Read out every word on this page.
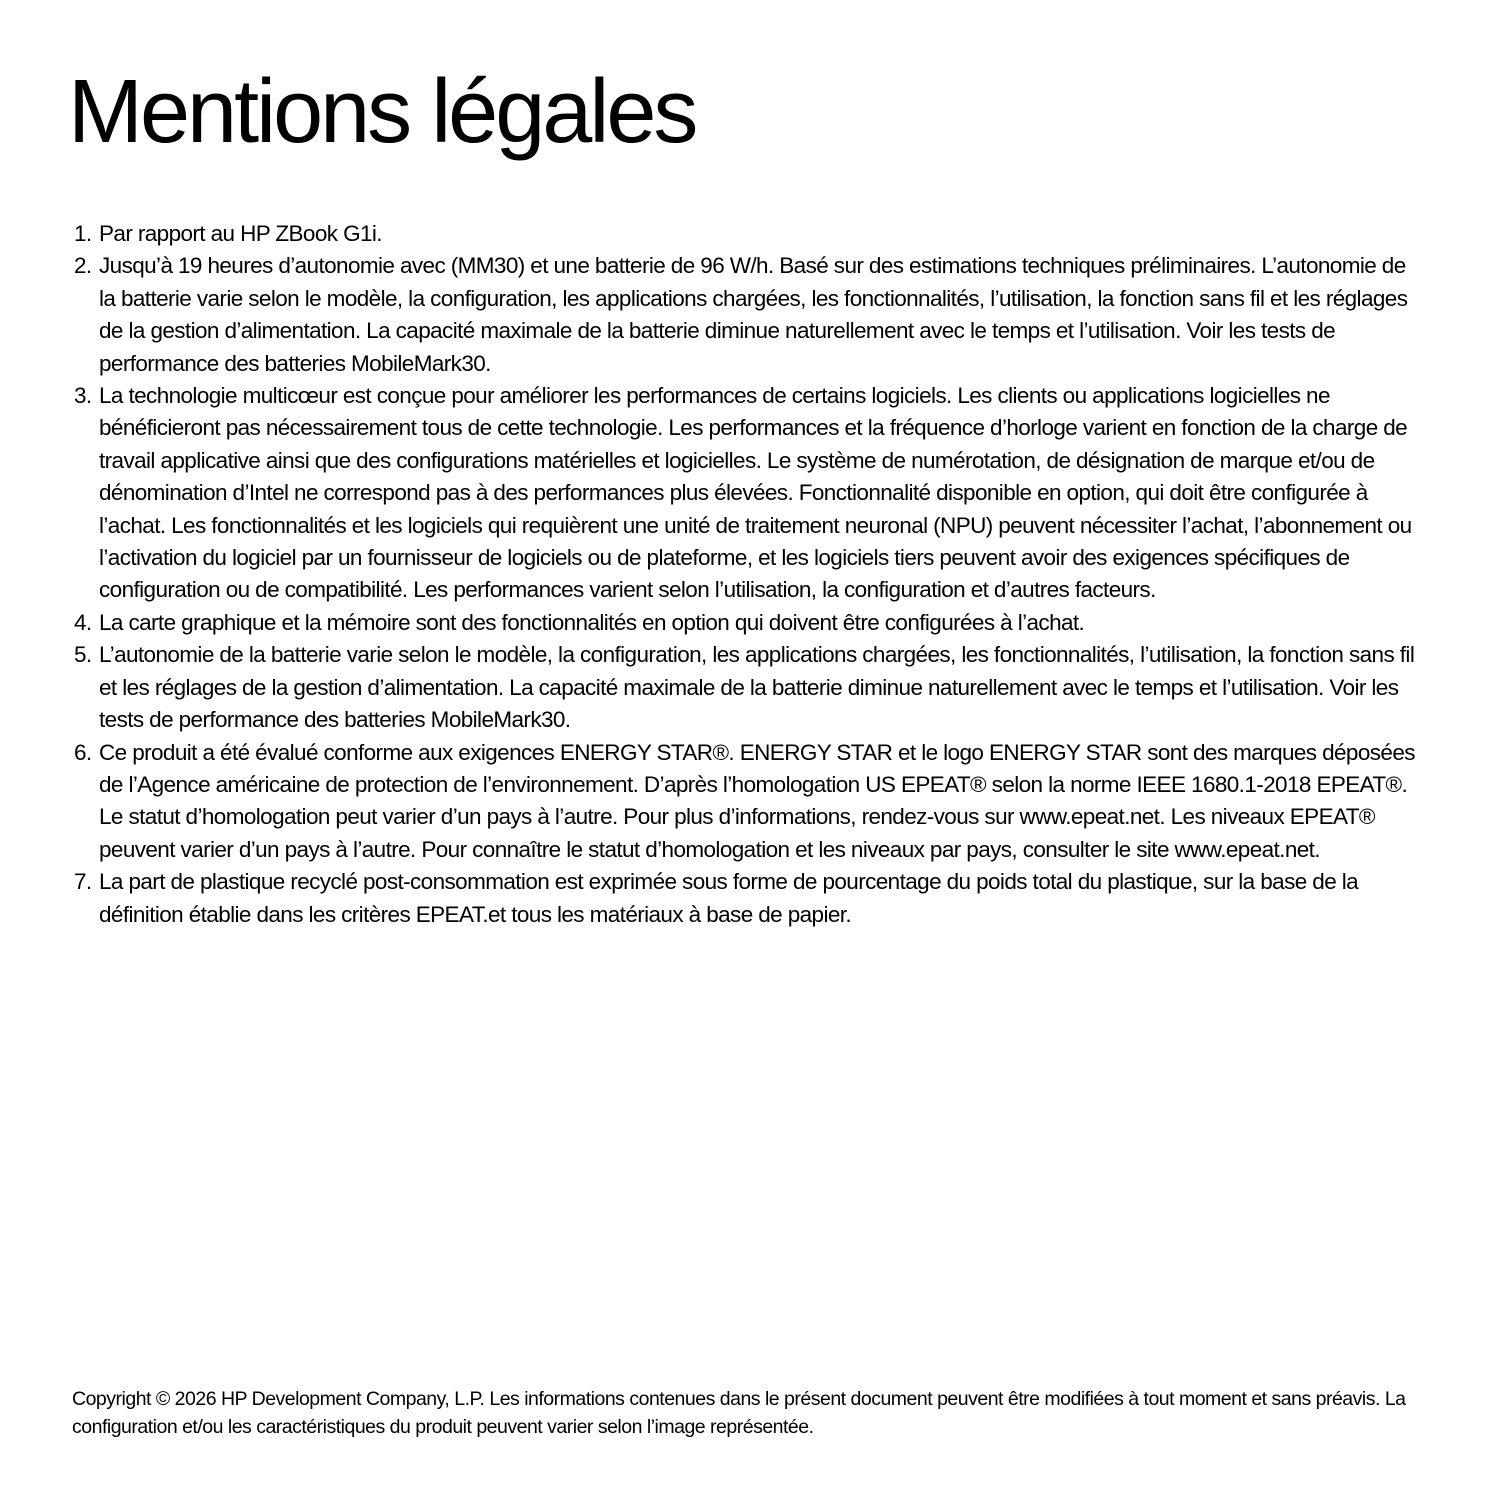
Mentions légales
1. Par rapport au HP ZBook G1i.
2. Jusqu’à 19 heures d’autonomie avec (MM30) et une batterie de 96 W/h. Basé sur des estimations techniques préliminaires. L’autonomie de la batterie varie selon le modèle, la configuration, les applications chargées, les fonctionnalités, l’utilisation, la fonction sans fil et les réglages de la gestion d’alimentation. La capacité maximale de la batterie diminue naturellement avec le temps et l’utilisation. Voir les tests de performance des batteries MobileMark30.
3. La technologie multicœur est conçue pour améliorer les performances de certains logiciels. Les clients ou applications logicielles ne bénéficieront pas nécessairement tous de cette technologie. Les performances et la fréquence d’horloge varient en fonction de la charge de travail applicative ainsi que des configurations matérielles et logicielles. Le système de numérotation, de désignation de marque et/ou de dénomination d’Intel ne correspond pas à des performances plus élevées. Fonctionnalité disponible en option, qui doit être configurée à l’achat. Les fonctionnalités et les logiciels qui requièrent une unité de traitement neuronal (NPU) peuvent nécessiter l’achat, l’abonnement ou l’activation du logiciel par un fournisseur de logiciels ou de plateforme, et les logiciels tiers peuvent avoir des exigences spécifiques de configuration ou de compatibilité. Les performances varient selon l’utilisation, la configuration et d’autres facteurs.
4. La carte graphique et la mémoire sont des fonctionnalités en option qui doivent être configurées à l’achat.
5. L’autonomie de la batterie varie selon le modèle, la configuration, les applications chargées, les fonctionnalités, l’utilisation, la fonction sans fil et les réglages de la gestion d’alimentation. La capacité maximale de la batterie diminue naturellement avec le temps et l’utilisation. Voir les tests de performance des batteries MobileMark30.
6. Ce produit a été évalué conforme aux exigences ENERGY STAR®. ENERGY STAR et le logo ENERGY STAR sont des marques déposées de l’Agence américaine de protection de l’environnement. D’après l’homologation US EPEAT® selon la norme IEEE 1680.1-2018 EPEAT®. Le statut d’homologation peut varier d’un pays à l’autre. Pour plus d’informations, rendez-vous sur www.epeat.net. Les niveaux EPEAT® peuvent varier d’un pays à l’autre. Pour connaître le statut d’homologation et les niveaux par pays, consulter le site www.epeat.net.
7. La part de plastique recyclé post-consommation est exprimée sous forme de pourcentage du poids total du plastique, sur la base de la définition établie dans les critères EPEAT.et tous les matériaux à base de papier.

Copyright © 2026 HP Development Company, L.P. Les informations contenues dans le présent document peuvent être modifiées à tout moment et sans préavis. La configuration et/ou les caractéristiques du produit peuvent varier selon l’image représentée.
